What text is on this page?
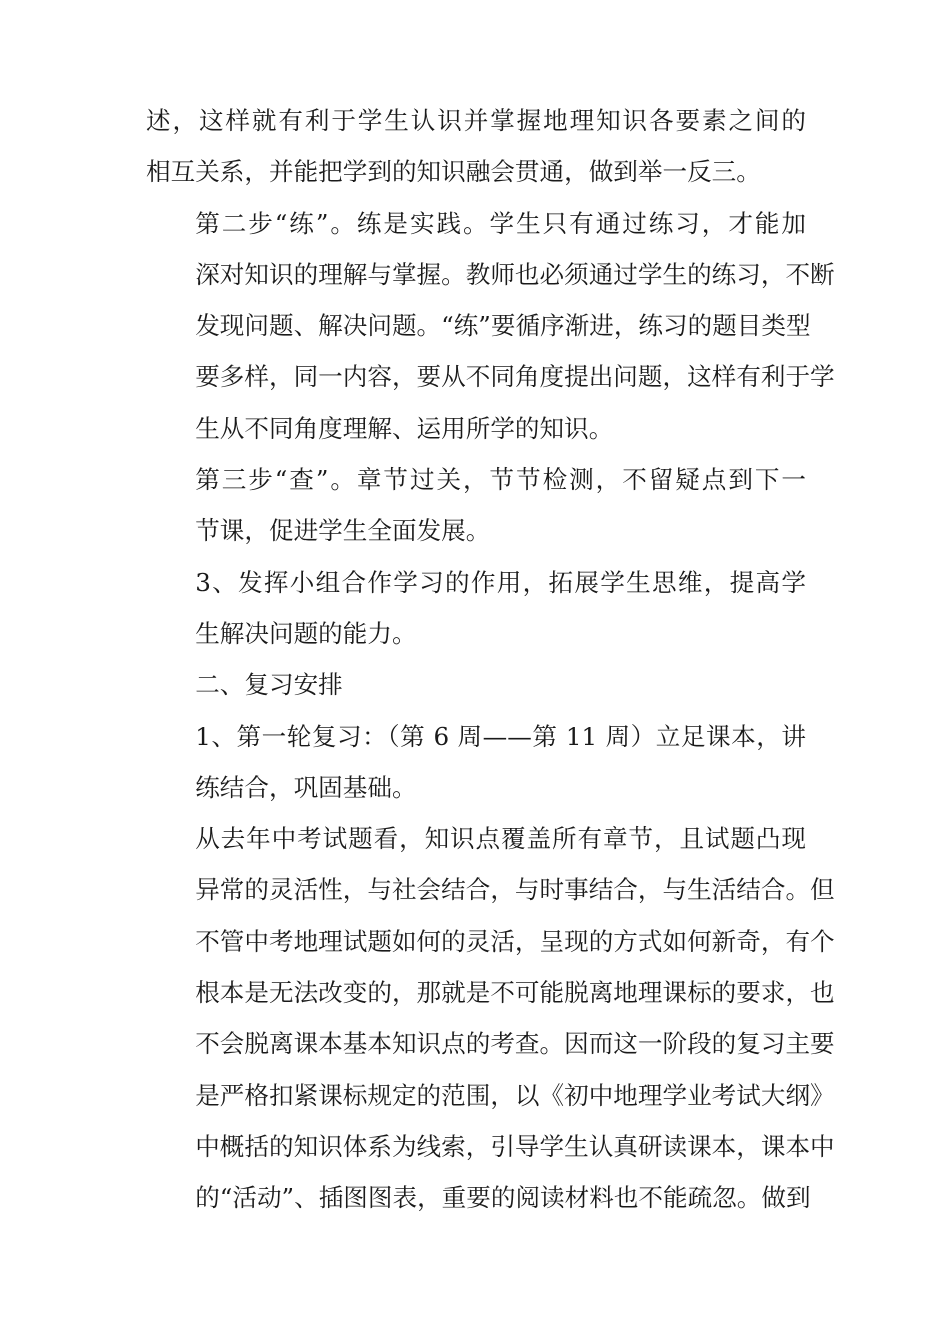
述，这样就有利于学生认识并掌握地理知识各要素之间的
相互关系，并能把学到的知识融会贯通，做到举一反三。

第二步“练”。练是实践。学生只有通过练习，才能加
深对知识的理解与掌握。教师也必须通过学生的练习，不断
发现问题、解决问题。“练”要循序渐进，练习的题目类型
要多样，同一内容，要从不同角度提出问题，这样有利于学
生从不同角度理解、运用所学的知识。

第三步“查”。章节过关，节节检测，不留疑点到下一
节课，促进学生全面发展。

3、发挥小组合作学习的作用，拓展学生思维，提高学
生解决问题的能力。

二、复习安排

1、第一轮复习：（第 6 周——第 11 周）立足课本，讲
练结合，巩固基础。

从去年中考试题看，知识点覆盖所有章节，且试题凸现
异常的灵活性，与社会结合，与时事结合，与生活结合。但
不管中考地理试题如何的灵活，呈现的方式如何新奇，有个
根本是无法改变的，那就是不可能脱离地理课标的要求，也
不会脱离课本基本知识点的考查。因而这一阶段的复习主要
是严格扣紧课标规定的范围，以《初中地理学业考试大纲》
中概括的知识体系为线索，引导学生认真研读课本，课本中
的“活动”、插图图表，重要的阅读材料也不能疏忽。做到
